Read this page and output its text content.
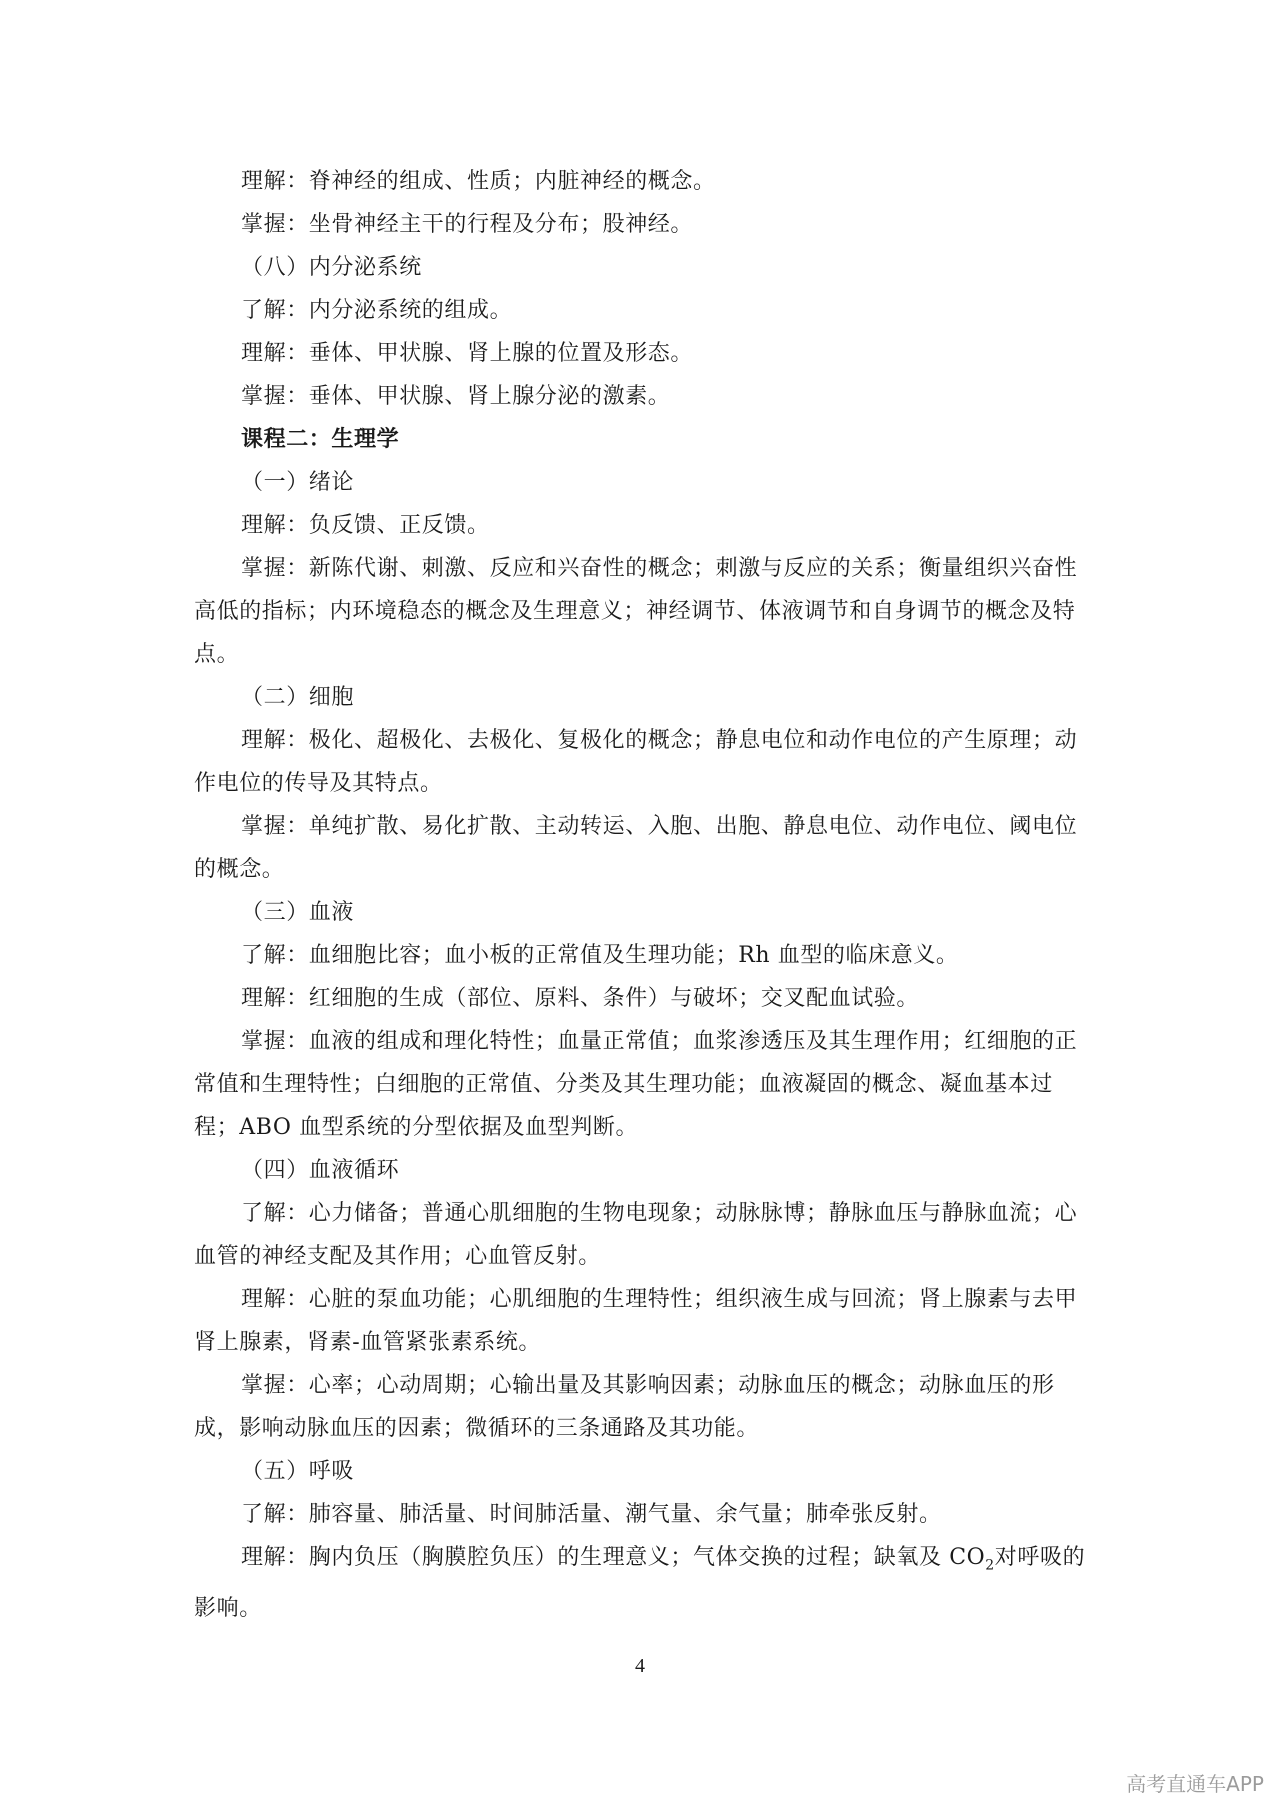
理解：脊神经的组成、性质；内脏神经的概念。

掌握：坐骨神经主干的行程及分布；股神经。

（八）内分泌系统

了解：内分泌系统的组成。

理解：垂体、甲状腺、肾上腺的位置及形态。

掌握：垂体、甲状腺、肾上腺分泌的激素。

课程二：生理学

（一）绪论

理解：负反馈、正反馈。

掌握：新陈代谢、刺激、反应和兴奋性的概念；刺激与反应的关系；衡量组织兴奋性高低的指标；内环境稳态的概念及生理意义；神经调节、体液调节和自身调节的概念及特点。

（二）细胞

理解：极化、超极化、去极化、复极化的概念；静息电位和动作电位的产生原理；动作电位的传导及其特点。

掌握：单纯扩散、易化扩散、主动转运、入胞、出胞、静息电位、动作电位、阈电位的概念。

（三）血液

了解：血细胞比容；血小板的正常值及生理功能；Rh 血型的临床意义。

理解：红细胞的生成（部位、原料、条件）与破坏；交叉配血试验。

掌握：血液的组成和理化特性；血量正常值；血浆渗透压及其生理作用；红细胞的正常值和生理特性；白细胞的正常值、分类及其生理功能；血液凝固的概念、凝血基本过程；ABO 血型系统的分型依据及血型判断。

（四）血液循环

了解：心力储备；普通心肌细胞的生物电现象；动脉脉博；静脉血压与静脉血流；心血管的神经支配及其作用；心血管反射。

理解：心脏的泵血功能；心肌细胞的生理特性；组织液生成与回流；肾上腺素与去甲肾上腺素，肾素-血管紧张素系统。

掌握：心率；心动周期；心输出量及其影响因素；动脉血压的概念；动脉血压的形成，影响动脉血压的因素；微循环的三条通路及其功能。

（五）呼吸

了解：肺容量、肺活量、时间肺活量、潮气量、余气量；肺牵张反射。

理解：胸内负压（胸膜腔负压）的生理意义；气体交换的过程；缺氧及 $CO_2$对呼吸的影响。

4
高考直通车APP
